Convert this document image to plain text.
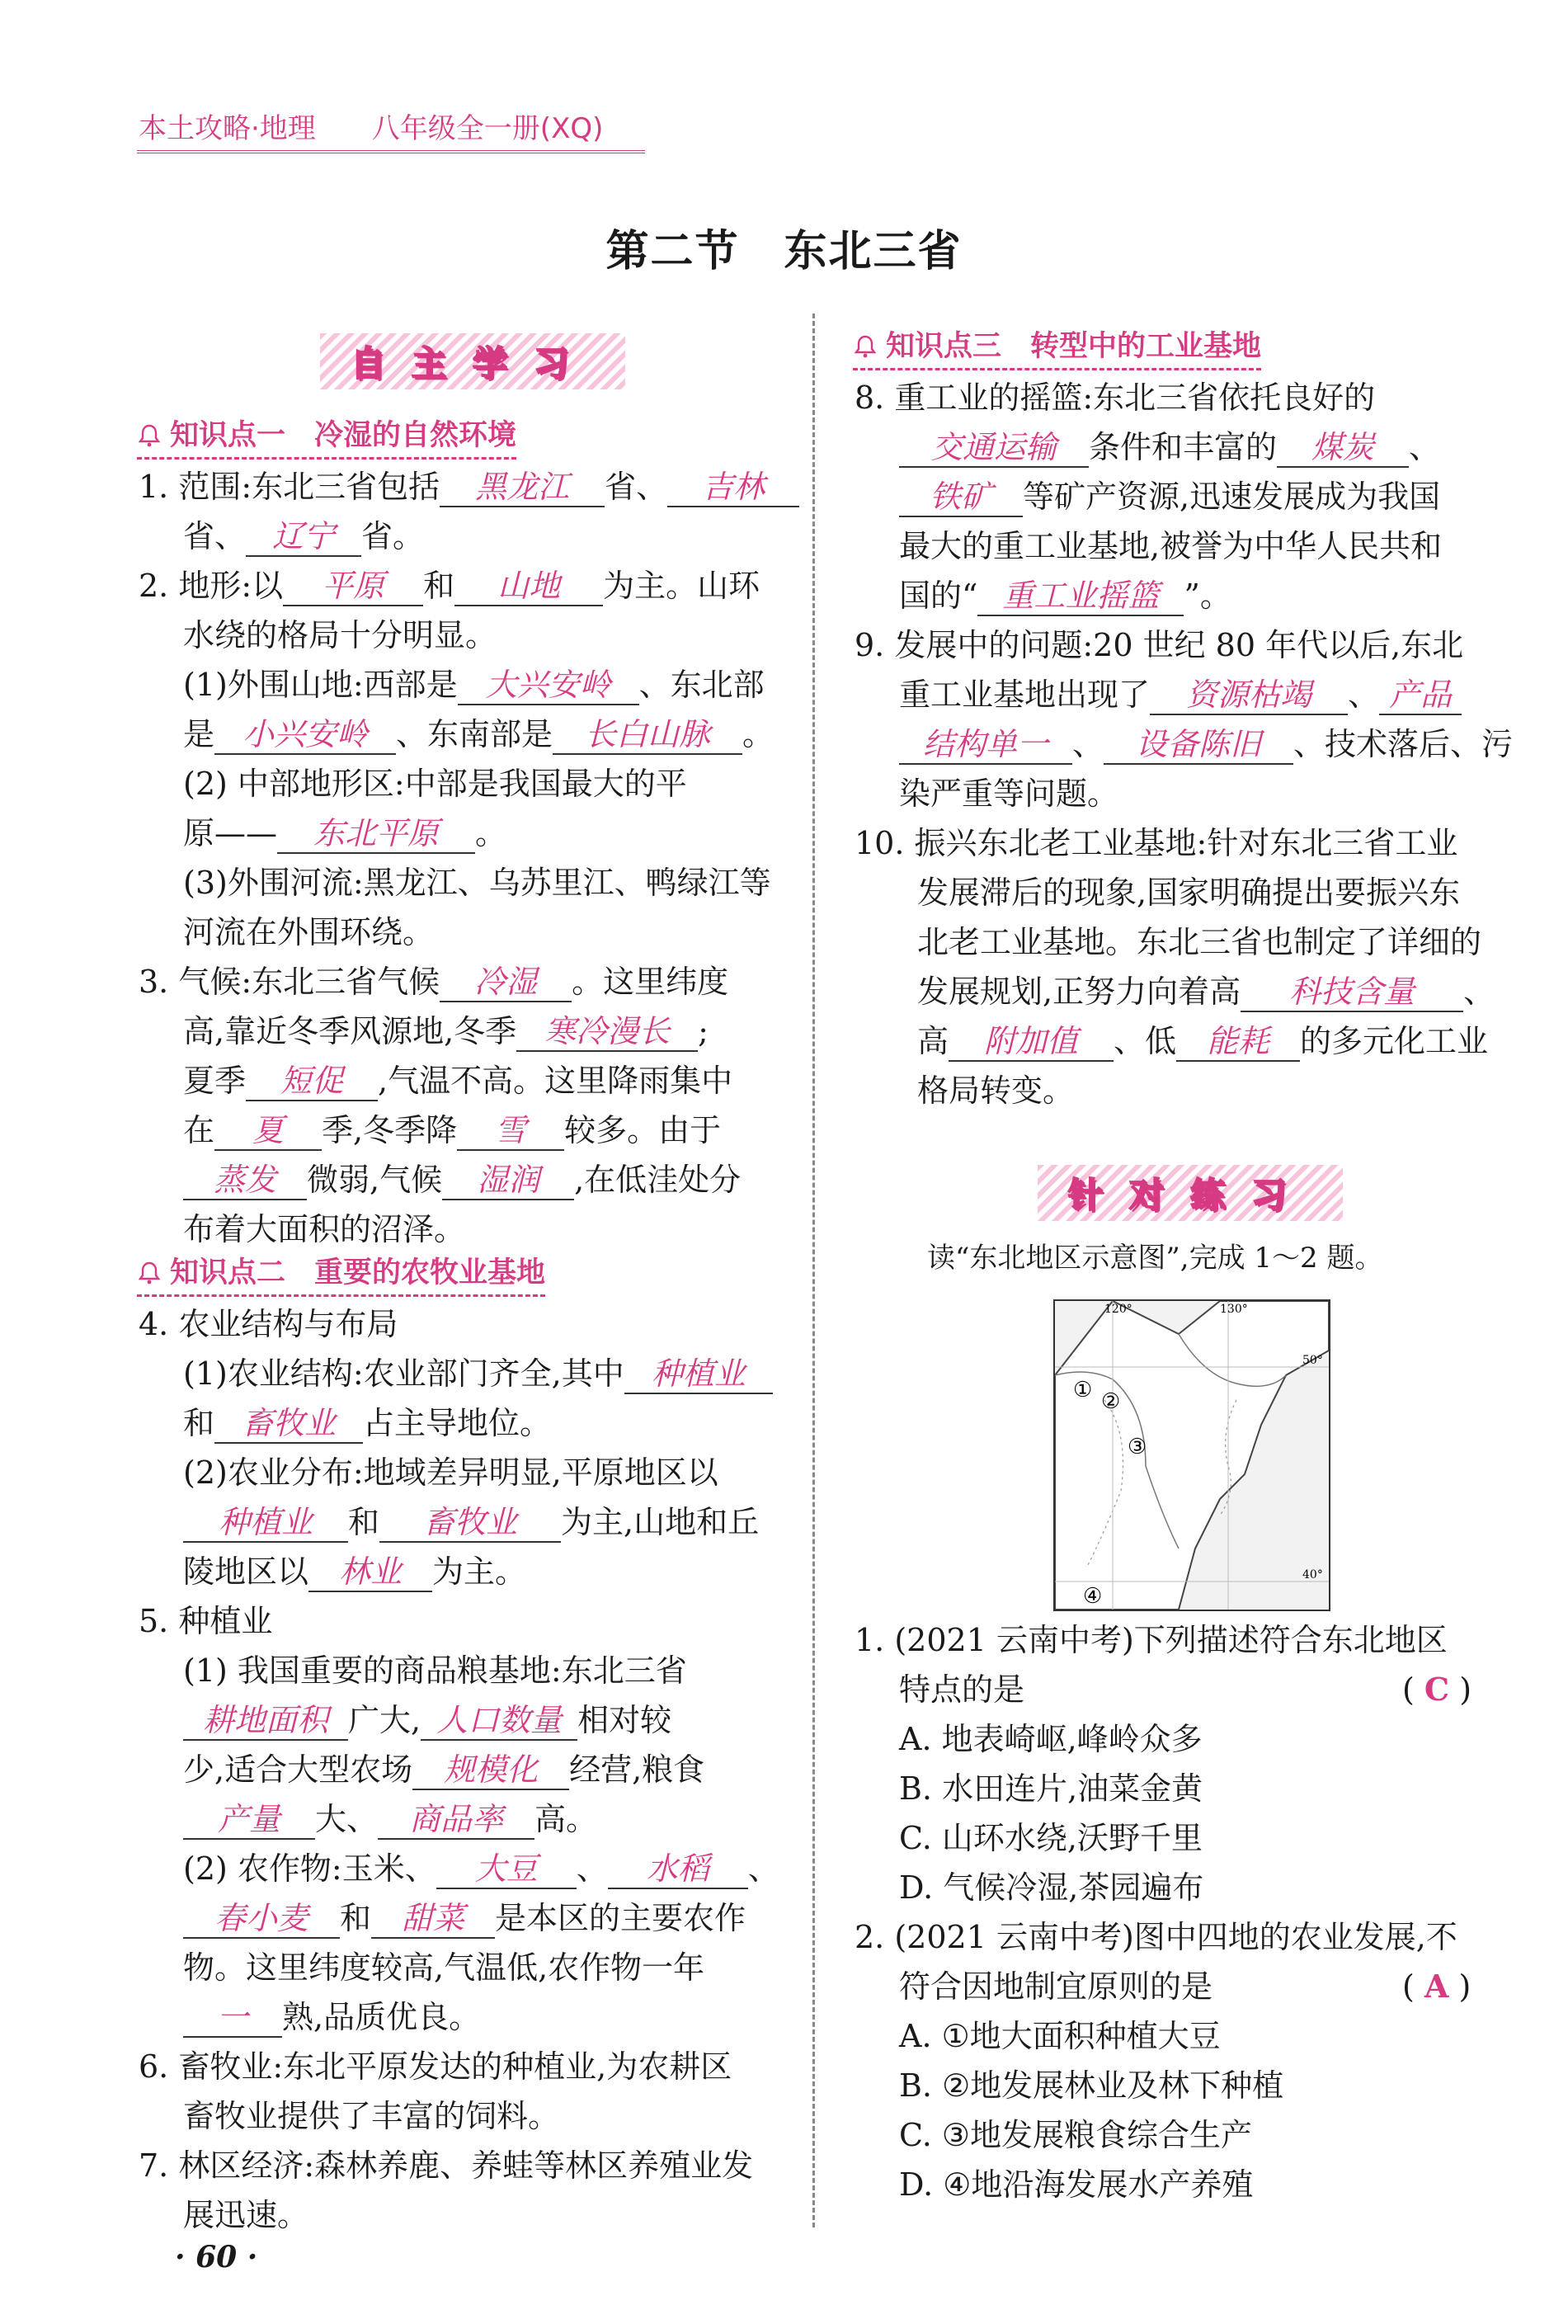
本土攻略·地理　　八年级全一册(XQ)
第二节　东北三省
自主学习
知识点一　冷湿的自然环境
1. 范围:东北三省包括 黑龙江 省、 吉林
省、 辽宁 省。
2. 地形:以 平原 和 山地 为主。山环
水绕的格局十分明显。
(1)外围山地:西部是 大兴安岭 、东北部
是 小兴安岭 、东南部是 长白山脉 。
(2) 中部地形区:中部是我国最大的平
原—— 东北平原 。
(3)外围河流:黑龙江、乌苏里江、鸭绿江等
河流在外围环绕。
3. 气候:东北三省气候 冷湿 。这里纬度
高,靠近冬季风源地,冬季 寒冷漫长 ;
夏季 短促 ,气温不高。这里降雨集中
在 夏 季,冬季降 雪 较多。由于
蒸发 微弱,气候 湿润 ,在低洼处分
布着大面积的沼泽。
知识点二　重要的农牧业基地
4. 农业结构与布局
(1)农业结构:农业部门齐全,其中 种植业
和 畜牧业 占主导地位。
(2)农业分布:地域差异明显,平原地区以
种植业 和 畜牧业 为主,山地和丘
陵地区以 林业 为主。
5. 种植业
(1) 我国重要的商品粮基地:东北三省
耕地面积 广大, 人口数量 相对较
少,适合大型农场 规模化 经营,粮食
产量 大、 商品率 高。
(2) 农作物:玉米、 大豆 、 水稻 、
春小麦 和 甜菜 是本区的主要农作
物。这里纬度较高,气温低,农作物一年
一 熟,品质优良。
6. 畜牧业:东北平原发达的种植业,为农耕区
畜牧业提供了丰富的饲料。
7. 林区经济:森林养鹿、养蛙等林区养殖业发
展迅速。
知识点三　转型中的工业基地
8. 重工业的摇篮:东北三省依托良好的
交通运输 条件和丰富的 煤炭 、
铁矿 等矿产资源,迅速发展成为我国
最大的重工业基地,被誉为中华人民共和
国的“ 重工业摇篮 ”。
9. 发展中的问题:20 世纪 80 年代以后,东北
重工业基地出现了 资源枯竭 、 产品
结构单一 、 设备陈旧 、技术落后、污
染严重等问题。
10. 振兴东北老工业基地:针对东北三省工业
发展滞后的现象,国家明确提出要振兴东
北老工业基地。东北三省也制定了详细的
发展规划,正努力向着高 科技含量 、
高 附加值 、低 能耗 的多元化工业
格局转变。
针对练习
读“东北地区示意图”,完成 1～2 题。
120°	130°
50°
40°
① ②
③
④
1. (2021 云南中考)下列描述符合东北地区
特点的是	( C )
A. 地表崎岖,峰岭众多
B. 水田连片,油菜金黄
C. 山环水绕,沃野千里
D. 气候冷湿,茶园遍布
2. (2021 云南中考)图中四地的农业发展,不
符合因地制宜原则的是	( A )
A. ①地大面积种植大豆
B. ②地发展林业及林下种植
C. ③地发展粮食综合生产
D. ④地沿海发展水产养殖
· 60 ·
